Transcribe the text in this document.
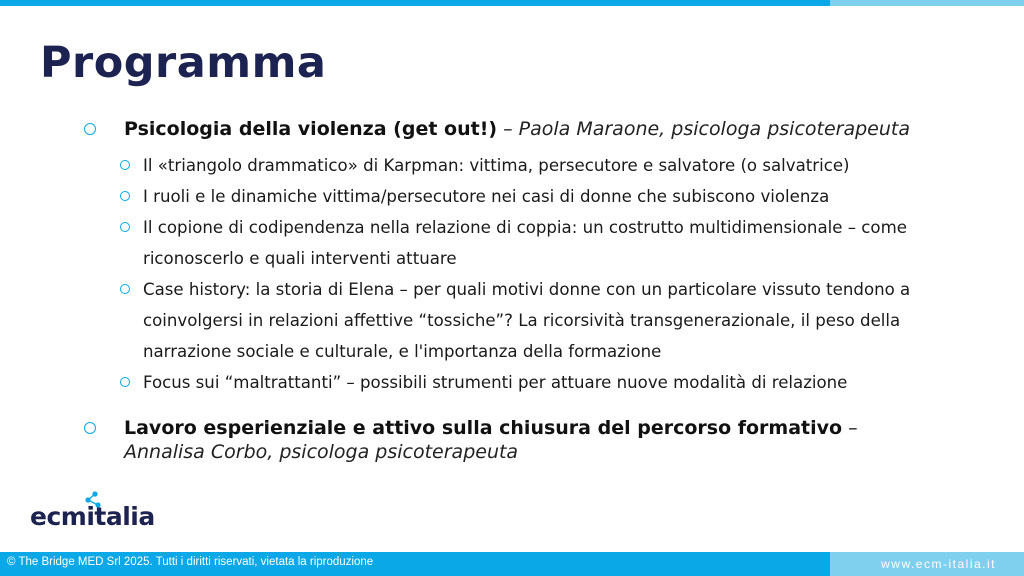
Programma
Psicologia della violenza (get out!) – Paola Maraone, psicologa psicoterapeuta
Il «triangolo drammatico» di Karpman: vittima, persecutore e salvatore (o salvatrice)
I ruoli e le dinamiche vittima/persecutore nei casi di donne che subiscono violenza
Il copione di codipendenza nella relazione di coppia: un costrutto multidimensionale – come riconoscerlo e quali interventi attuare
Case history: la storia di Elena – per quali motivi donne con un particolare vissuto tendono a coinvolgersi in relazioni affettive “tossiche”? La ricorsività transgenerazionale, il peso della narrazione sociale e culturale, e l'importanza della formazione
Focus sui “maltrattanti” – possibili strumenti per attuare nuove modalità di relazione
Lavoro esperienziale e attivo sulla chiusura del percorso formativo – Annalisa Corbo, psicologa psicoterapeuta
ecmitalia
© The Bridge MED Srl 2025. Tutti i diritti riservati, vietata la riproduzione	www.ecm-italia.it
